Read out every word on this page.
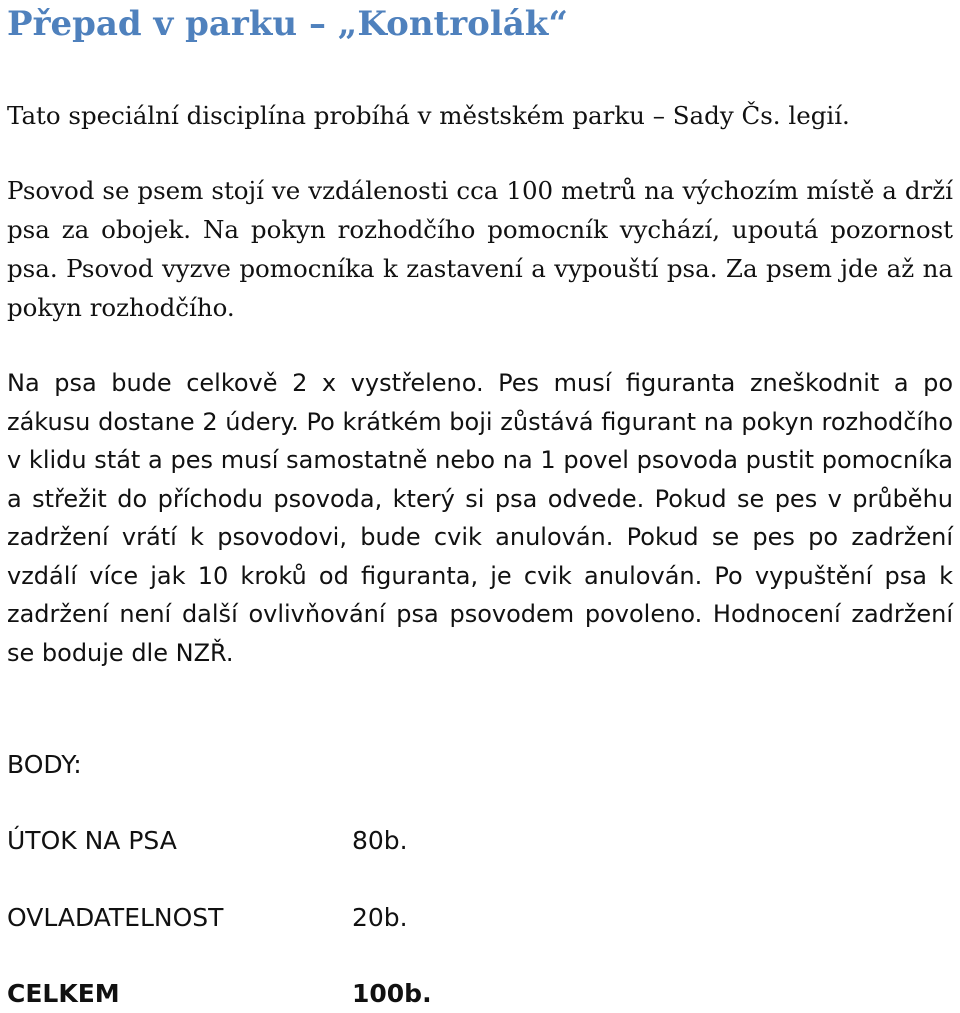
Přepad v parku – „Kontrolák“

Tato speciální disciplína probíhá v městském parku – Sady Čs. legií.

Psovod se psem stojí ve vzdálenosti cca 100 metrů na výchozím místě a drží psa za obojek. Na pokyn rozhodčího pomocník vychází, upoutá pozornost psa. Psovod vyzve pomocníka k zastavení a vypouští psa. Za psem jde až na pokyn rozhodčího.

Na psa bude celkově 2 x vystřeleno. Pes musí figuranta zneškodnit a po zákusu dostane 2 údery. Po krátkém boji zůstává figurant na pokyn rozhodčího v klidu stát a pes musí samostatně nebo na 1 povel psovoda pustit pomocníka a střežit do příchodu psovoda, který si psa odvede. Pokud se pes v průběhu zadržení vrátí k psovodovi, bude cvik anulován. Pokud se pes po zadržení vzdálí více jak 10 kroků od figuranta, je cvik anulován. Po vypuštění psa k zadržení není další ovlivňování psa psovodem povoleno. Hodnocení zadržení se boduje dle NZŘ.

BODY:
ÚTOK NA PSA	80b.
OVLADATELNOST	20b.
CELKEM	100b.
